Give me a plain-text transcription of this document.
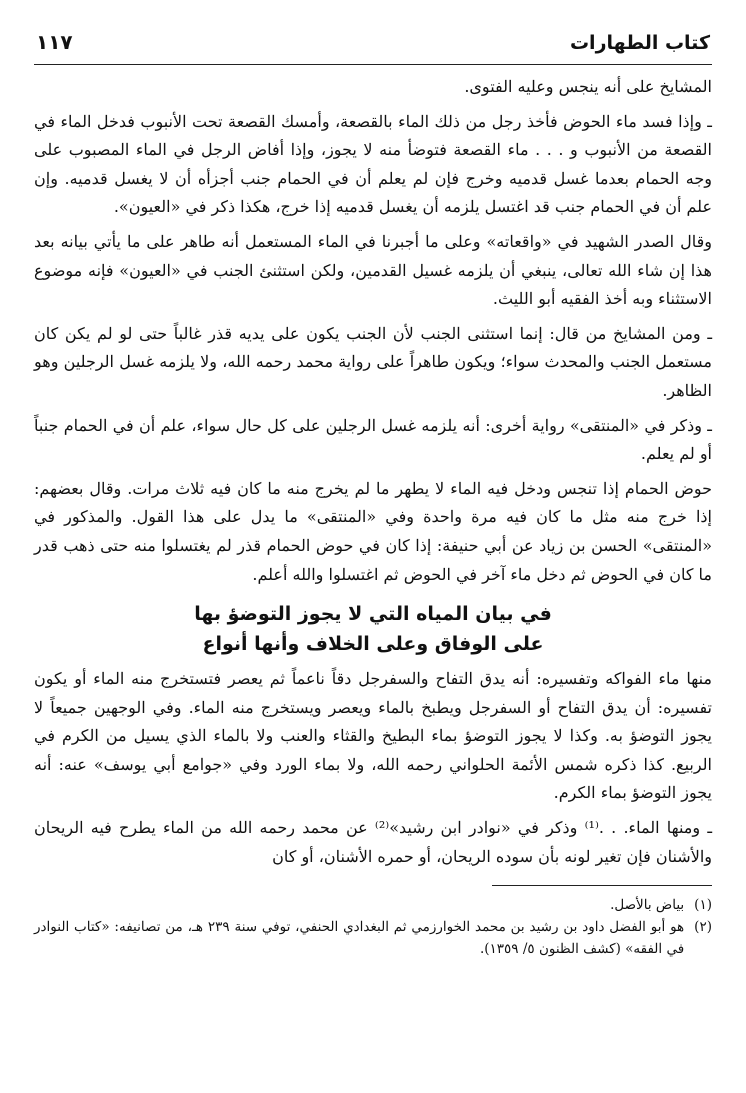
كتاب الطهارات
١١٧

المشايخ على أنه ينجس وعليه الفتوى.

ـ وإذا فسد ماء الحوض فأخذ رجل من ذلك الماء بالقصعة، وأمسك القصعة تحت الأنبوب فدخل الماء في القصعة من الأنبوب و . . . ماء القصعة فتوضأ منه لا يجوز، وإذا أفاض الرجل في الماء المصبوب على وجه الحمام بعدما غسل قدميه وخرج فإن لم يعلم أن في الحمام جنب أجزأه أن لا يغسل قدميه. وإن علم أن في الحمام جنب قد اغتسل يلزمه أن يغسل قدميه إذا خرج، هكذا ذكر في «العيون».

وقال الصدر الشهيد في «واقعاته» وعلى ما أجبرنا في الماء المستعمل أنه طاهر على ما يأتي بيانه بعد هذا إن شاء الله تعالى، ينبغي أن يلزمه غسيل القدمين، ولكن استثنئ الجنب في «العيون» فإنه موضوع الاستثناء وبه أخذ الفقيه أبو الليث.

ـ ومن المشايخ من قال: إنما استثنى الجنب لأن الجنب يكون على يديه قذر غالباً حتى لو لم يكن كان مستعمل الجنب والمحدث سواء؛ ويكون طاهراً على رواية محمد رحمه الله، ولا يلزمه غسل الرجلين وهو الظاهر.

ـ وذكر في «المنتقى» رواية أخرى: أنه يلزمه غسل الرجلين على كل حال سواء، علم أن في الحمام جنباً أو لم يعلم.

حوض الحمام إذا تنجس ودخل فيه الماء لا يطهر ما لم يخرج منه ما كان فيه ثلاث مرات. وقال بعضهم: إذا خرج منه مثل ما كان فيه مرة واحدة وفي «المنتقى» ما يدل على هذا القول. والمذكور في «المنتقى» الحسن بن زياد عن أبي حنيفة: إذا كان في حوض الحمام قذر لم يغتسلوا منه حتى ذهب قدر ما كان في الحوض ثم دخل ماء آخر في الحوض ثم اغتسلوا والله أعلم.

في بيان المياه التي لا يجوز التوضؤ بها
على الوفاق وعلى الخلاف وأنها أنواع

منها ماء الفواكه وتفسيره: أنه يدق التفاح والسفرجل دقاً ناعماً ثم يعصر فتستخرج منه الماء أو يكون تفسيره: أن يدق التفاح أو السفرجل ويطبخ بالماء ويعصر ويستخرج منه الماء. وفي الوجهين جميعاً لا يجوز التوضؤ به. وكذا لا يجوز التوضؤ بماء البطيخ والقثاء والعنب ولا بالماء الذي يسيل من الكرم في الربيع. كذا ذكره شمس الأئمة الحلواني رحمه الله، ولا بماء الورد وفي «جوامع أبي يوسف» عنه: أنه يجوز التوضؤ بماء الكرم.

ـ ومنها الماء. . .⁽¹⁾ وذكر في «نوادر ابن رشيد»⁽²⁾ عن محمد رحمه الله من الماء يطرح فيه الريحان والأشنان فإن تغير لونه بأن سوده الريحان، أو حمره الأشنان، أو كان

(١)
بياض بالأصل.
(٢)
هو أبو الفضل داود بن رشيد بن محمد الخوارزمي ثم البغدادي الحنفي، توفي سنة ٢٣٩ هـ، من تصانيفه: «كتاب النوادر في الفقه» (كشف الظنون ٥/ ١٣٥٩).
